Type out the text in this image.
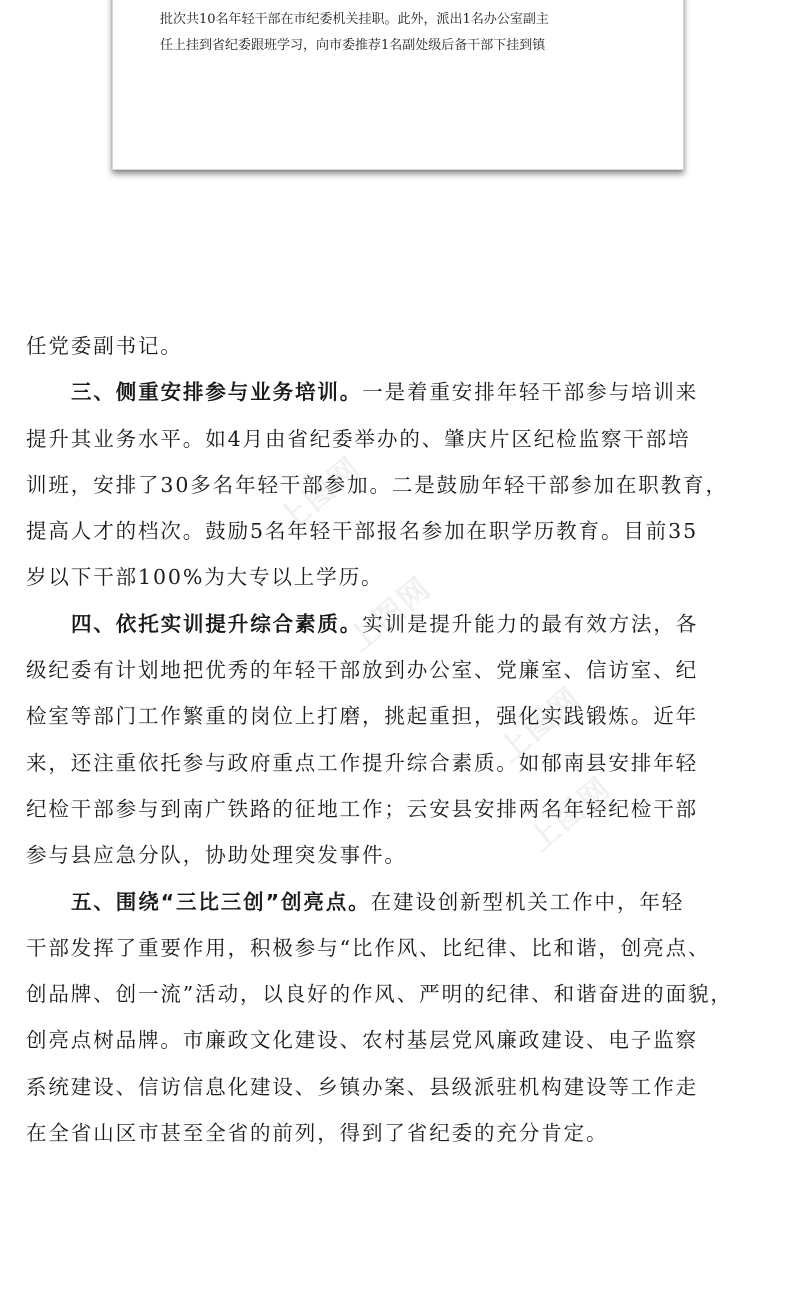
批次共10名年轻干部在市纪委机关挂职。此外，派出1名办公室副主
任上挂到省纪委跟班学习，向市委推荐1名副处级后备干部下挂到镇
上图网
上图网
上图网
上图网
任党委副书记。
三、侧重安排参与业务培训。一是着重安排年轻干部参与培训来
提升其业务水平。如4月由省纪委举办的、肇庆片区纪检监察干部培
训班，安排了30多名年轻干部参加。二是鼓励年轻干部参加在职教育，
提高人才的档次。鼓励5名年轻干部报名参加在职学历教育。目前35
岁以下干部100%为大专以上学历。
四、依托实训提升综合素质。实训是提升能力的最有效方法，各
级纪委有计划地把优秀的年轻干部放到办公室、党廉室、信访室、纪
检室等部门工作繁重的岗位上打磨，挑起重担，强化实践锻炼。近年
来，还注重依托参与政府重点工作提升综合素质。如郁南县安排年轻
纪检干部参与到南广铁路的征地工作；云安县安排两名年轻纪检干部
参与县应急分队，协助处理突发事件。
五、围绕“三比三创”创亮点。在建设创新型机关工作中，年轻
干部发挥了重要作用，积极参与“比作风、比纪律、比和谐，创亮点、
创品牌、创一流”活动，以良好的作风、严明的纪律、和谐奋进的面貌，
创亮点树品牌。市廉政文化建设、农村基层党风廉政建设、电子监察
系统建设、信访信息化建设、乡镇办案、县级派驻机构建设等工作走
在全省山区市甚至全省的前列，得到了省纪委的充分肯定。
